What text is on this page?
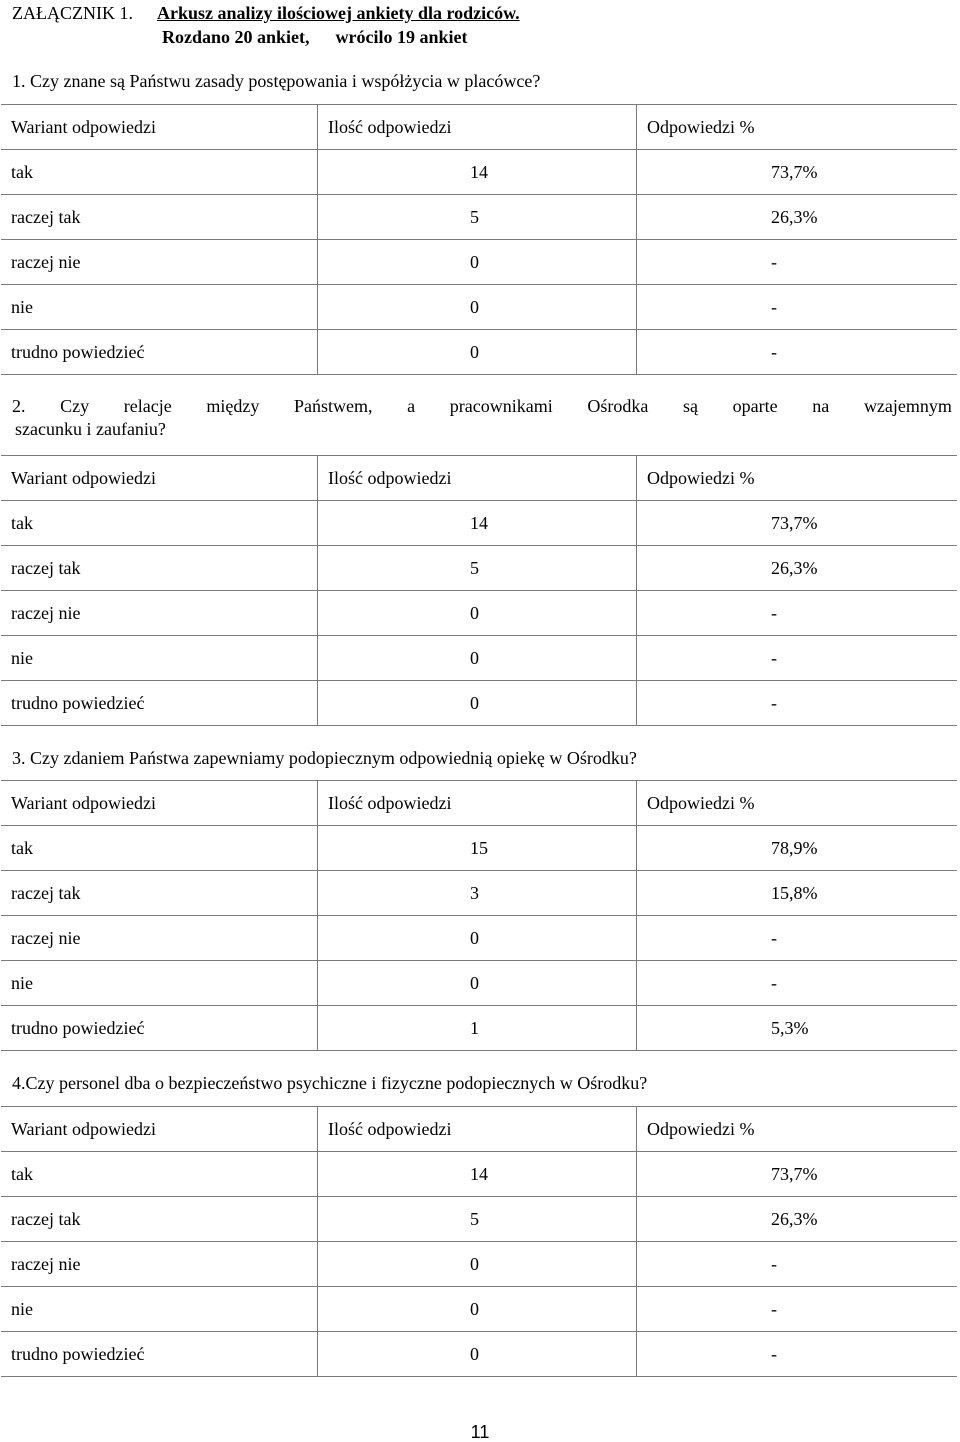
ZAŁĄCZNIK 1. Arkusz analizy ilościowej ankiety dla rodziców.
Rozdano 20 ankiet, wrócilo 19 ankiet
1. Czy znane są Państwu zasady postępowania i współżycia w placówce?
Wariant odpowiedzi	Ilość odpowiedzi	Odpowiedzi %
tak	14	73,7%
raczej tak	5	26,3%
raczej nie	0	-
nie	0	-
trudno powiedzieć	0	-
2. Czy relacje między Państwem, a pracownikami Ośrodka są oparte na wzajemnym
szacunku i zaufaniu?
Wariant odpowiedzi	Ilość odpowiedzi	Odpowiedzi %
tak	14	73,7%
raczej tak	5	26,3%
raczej nie	0	-
nie	0	-
trudno powiedzieć	0	-
3. Czy zdaniem Państwa zapewniamy podopiecznym odpowiednią opiekę w Ośrodku?
Wariant odpowiedzi	Ilość odpowiedzi	Odpowiedzi %
tak	15	78,9%
raczej tak	3	15,8%
raczej nie	0	-
nie	0	-
trudno powiedzieć	1	5,3%
4.Czy personel dba o bezpieczeństwo psychiczne i fizyczne podopiecznych w Ośrodku?
Wariant odpowiedzi	Ilość odpowiedzi	Odpowiedzi %
tak	14	73,7%
raczej tak	5	26,3%
raczej nie	0	-
nie	0	-
trudno powiedzieć	0	-
11
